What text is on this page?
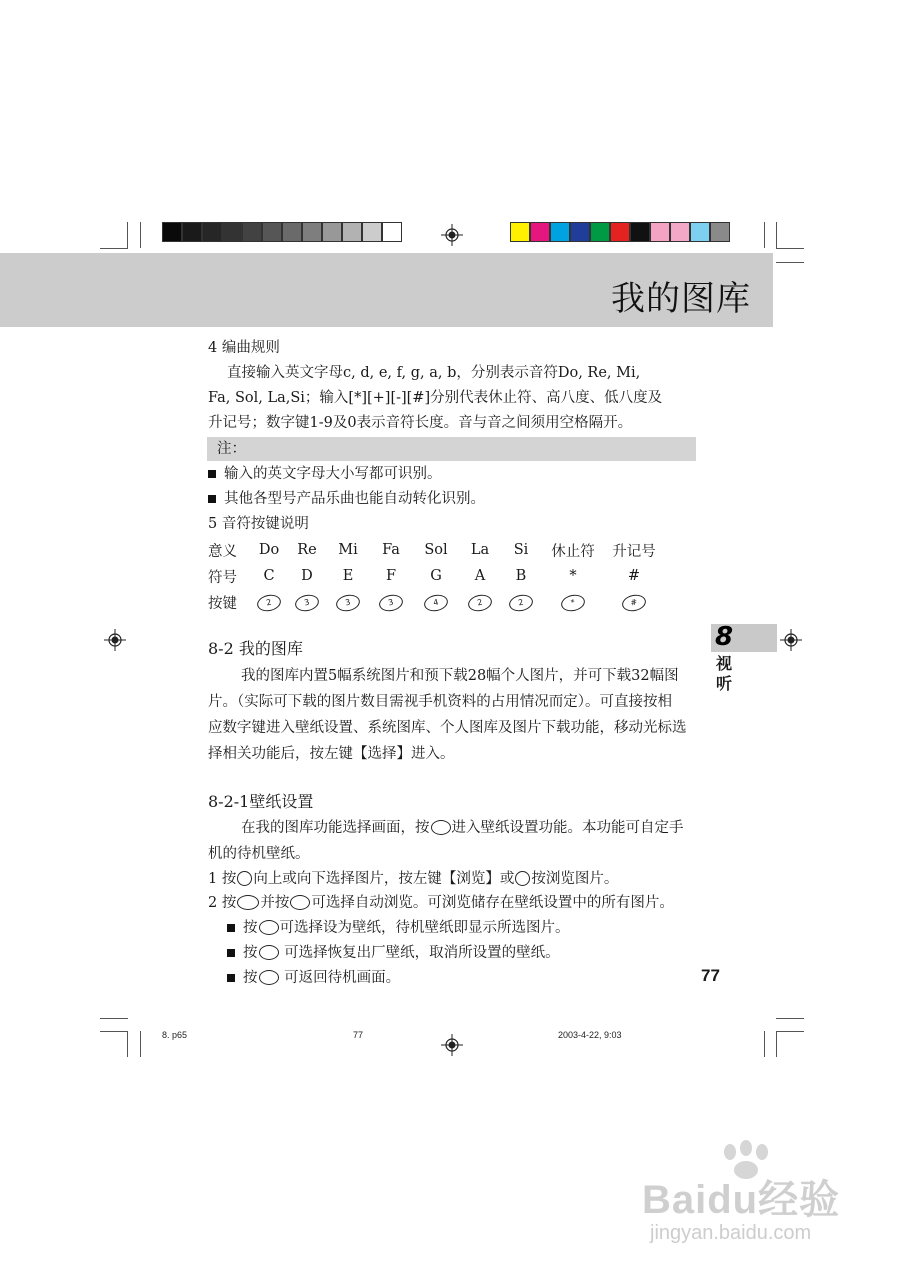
我的图库
8
视
听
4 编曲规则
直接输入英文字母c, d, e, f, g, a, b，分别表示音符Do, Re, Mi,
Fa, Sol, La,Si；输入[*][+][-][#]分别代表休止符、高八度、低八度及
升记号；数字键1-9及0表示音符长度。音与音之间须用空格隔开。
注：
输入的英文字母大小写都可识别。
其他各型号产品乐曲也能自动转化识别。
5 音符按键说明
意义	Do	Re	Mi	Fa	Sol	La	Si	休止符	升记号
符号	C	D	E	F	G	A	B	*	#
按键	2	3	3	3	4	2	2	*	#
8-2 我的图库
我的图库内置5幅系统图片和预下载28幅个人图片，并可下载32幅图
片。（实际可下载的图片数目需视手机资料的占用情况而定）。可直接按相
应数字键进入壁纸设置、系统图库、个人图库及图片下载功能，移动光标选
择相关功能后，按左键【选择】进入。
8-2-1壁纸设置
在我的图库功能选择画面，按 进入壁纸设置功能。本功能可自定手
机的待机壁纸。
1 按 向上或向下选择图片，按左键【浏览】或 按浏览图片。
2 按 并按 可选择自动浏览。可浏览储存在壁纸设置中的所有图片。
按 可选择设为壁纸，待机壁纸即显示所选图片。
按 可选择恢复出厂壁纸，取消所设置的壁纸。
按 可返回待机画面。	77
8. p65	77	2003-4-22, 9:03
Baidu经验
jingyan.baidu.com
